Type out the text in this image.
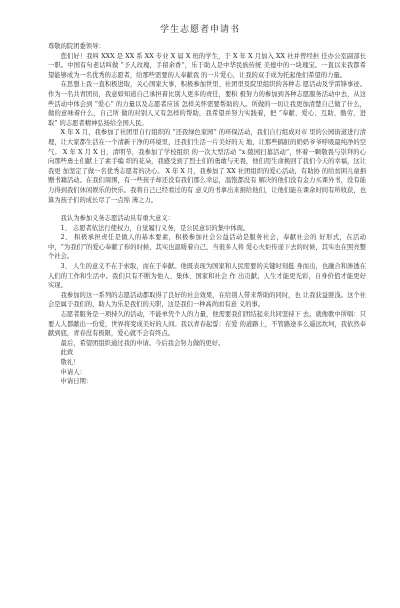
学生志愿者申请书

尊敬的院团委领导：

您们好！我叫 XXX 是 XX 系 XX 专业 X 届 X 班的学生，于 X 年 X 月加入 XX 社并曾经担 任办公室副部长一职。中国有句老话叫做 “予人玫瑰，手留余香”，乐于助人是中华民族传统 美德中的一块瑰宝。一直以来我都希望能够成为一名优秀的志愿者，给那些需要的人奉献我 的一片爱心，让我的双手成为托起他们希望的力量。

在思想上我一直积极进取，关心国家大事，积极参加世里、社团里及院里组织的各种志 愿活动及学雷锋事迹。作为一名共青团员，我意如知道自己承担着比别人更多的责任，要积 极努力的参加到各种志愿服务活动中去，从这些活动中体会到 “爱心” 的力量以及志愿者应该 怎样关怀需要帮助的人。所做的一切让我更加清楚自己做了什么，做的意味着什么，自己所 做的对别人又有怎样的帮助，我希望并努力实践着，把 “奉献、爱心、互助、勤劳、进取” 的志愿者精神弘扬给全国人民。

X 年 X 月，我参加了社团里自行组织的 “还我绿色家园” 的环保活动，我们自行组成对市 里的公园街道进行清理，让大家都生活在一个清新干净的环境里，还我们生活一片美好的天 地，让那些搞脏的奶奶爷爷呼吸最纯净的空气。 X 年 X 月 X 日，清明节，我参加了学校组织 的一次大型活动 “x 陵园扫墓活动”，怀着一颗敬畏与崇拜的心向那些勇士们献上了素手编 织的花朵，我感受到了烈士们的勇敢与无畏，他们用生命换回了我们今天的幸福，这让我更 加坚定了做一名优秀志愿者的决心。 X 年 X 月，我参加了 XX 社团组织的爱心活动，有助协 的给贫困儿童捐赠书籍活动。在我们周围，有一些孩子却还没有我们那么幸运，温饱都没有 解决的他们没有金力买课外书，没有能力得到我们休闲娱乐的快乐。我将自己已经看过的有 意义的书拿出来捐给他们，让他们能在课余时间有所收获，也算为孩子们的成长尽了一点绵 薄之力。

我认为参加义务志愿活动具有重大意义：

1、 志愿者依法行使权力，自觉履行义务，是公民意识的集中体现。

2、 积极承担责任是做人的基本要素，积极参加社会公益活动是服务社会，奉献社会的 好形式，在活动中，“为我们”的爱心奉献了你的时候，其实也温暖着自己，当很多人将 爱心火炬传递下去的时候，其实也在照亮整个社会。

3、 人生的意义不在于索取，而在于奉献。他既表现为国家和人民需要的关键时刻挺 身而出，也融合和渗透在人们的工作和生活中。我们只有不断为他人、集体、国家和社会 作 出贡献，人生才能更光彩，自身价值才能更好实现。

我参加的这一系列的志愿活动都取得了良好的社会效果，在给别人带来帮助的同时，也 让我获益匪浅。这个社会是属于我们的，助人为乐是我们的天职，这是我们一种高尚而有意 义的事。

志愿者服务是一项持久的活动，不能单凭个人的力量，他需要我们团结起来共同坚持下 去。就像歌中所唱：只要人人都献出一份爱，世界将变成美好的人间。我以青春起誓：在爱 的道路上，不管路途多么遥远坎坷，我依然奉献到底，青春没有极限，爱心就不会有终点。

最后，希望团组织通过我的申请。今后我会努力做的更好。

此致

敬礼！

申请人：

申请日期：
